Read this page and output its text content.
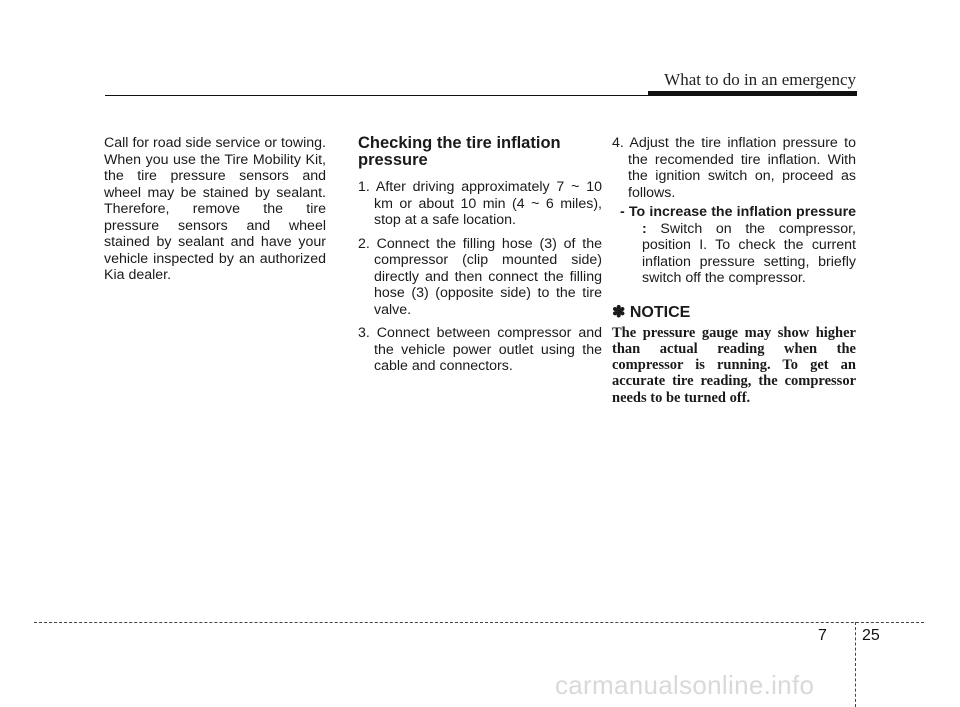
What to do in an emergency

Call for road side service or towing. When you use the Tire Mobility Kit, the tire pressure sensors and wheel may be stained by sealant. Therefore, remove the tire pressure sensors and wheel stained by sealant and have your vehicle inspected by an authorized Kia dealer.

Checking the tire inflation pressure

1. After driving approximately 7 ~ 10 km or about 10 min (4 ~ 6 miles), stop at a safe location.

2. Connect the filling hose (3) of the compressor (clip mounted side) directly and then connect the filling hose (3) (opposite side) to the tire valve.

3. Connect between compressor and the vehicle power outlet using the cable and connectors.

4. Adjust the tire inflation pressure to the recomended tire inflation. With the ignition switch on, proceed as follows.

- To increase the inflation pressure : Switch on the compressor, position I. To check the current inflation pressure setting, briefly switch off the compressor.

✽ NOTICE

The pressure gauge may show higher than actual reading when the compressor is running. To get an accurate tire reading, the compressor needs to be turned off.

7 25
carmanualsonline.info
